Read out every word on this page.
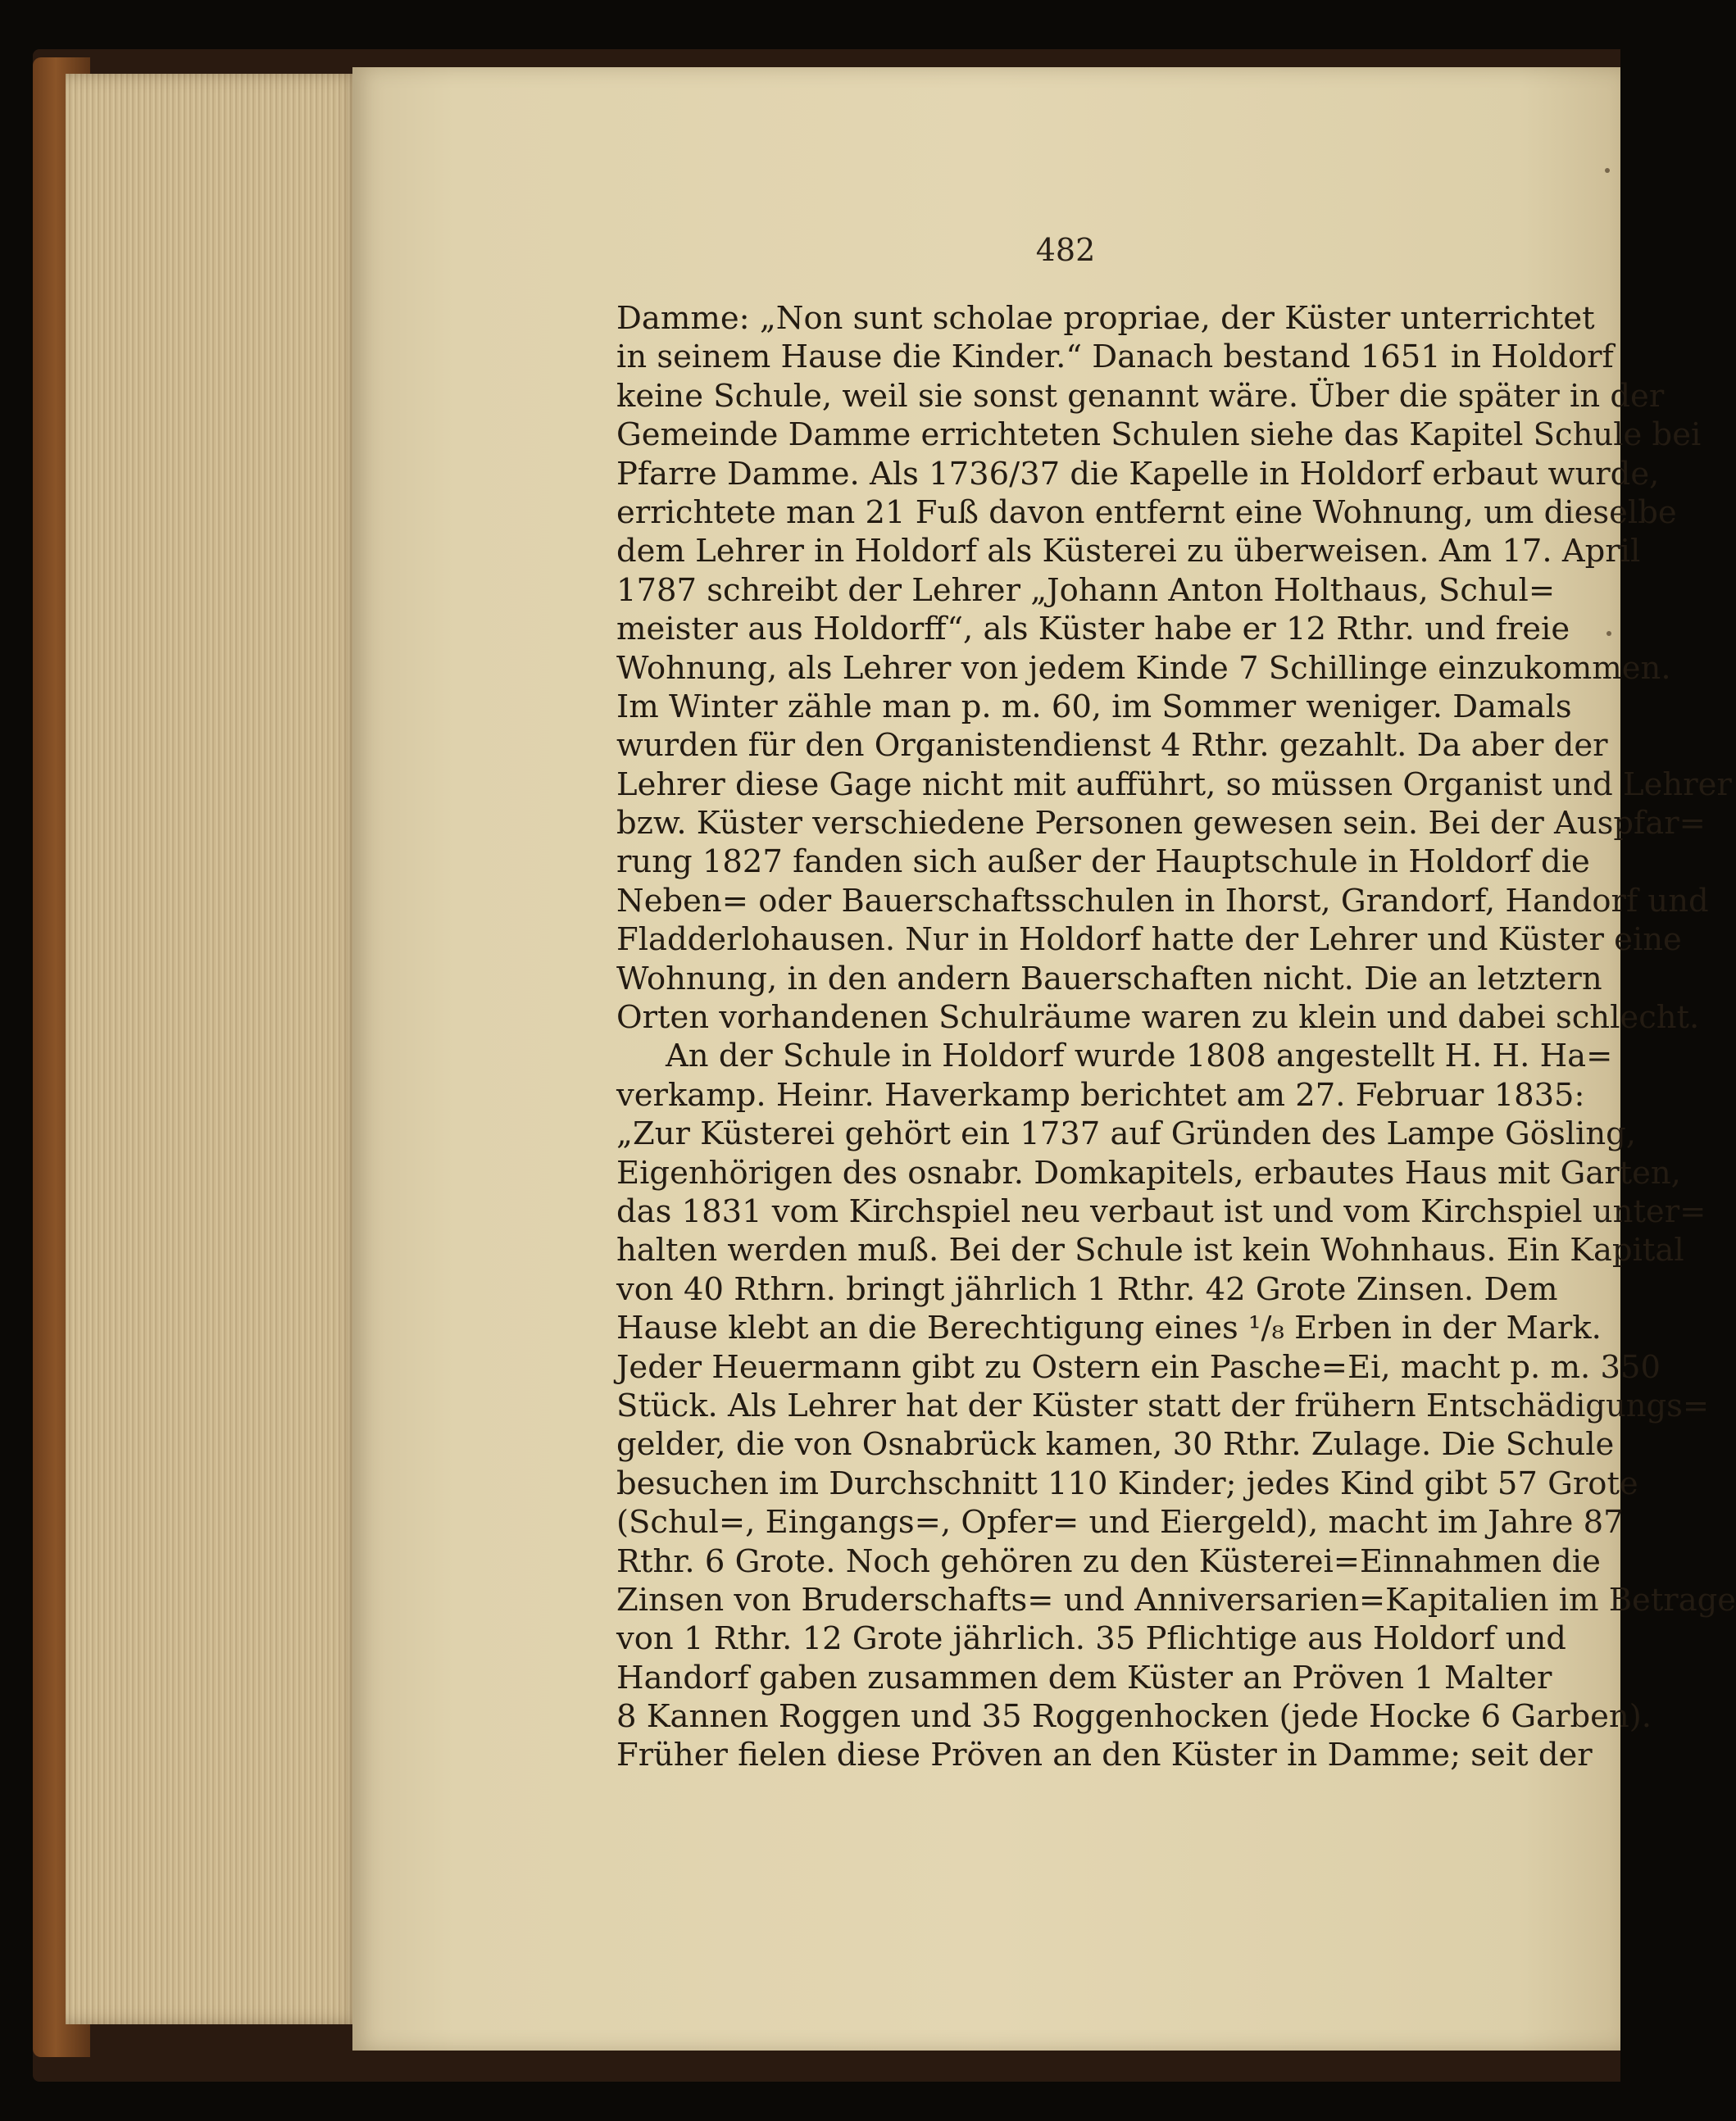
482
Damme: „Non sunt scholae propriae, der Küster unterrichtet
in seinem Hause die Kinder.“ Danach bestand 1651 in Holdorf
keine Schule, weil sie sonst genannt wäre. Über die später in der
Gemeinde Damme errichteten Schulen siehe das Kapitel Schule bei
Pfarre Damme. Als 1736/37 die Kapelle in Holdorf erbaut wurde,
errichtete man 21 Fuß davon entfernt eine Wohnung, um dieselbe
dem Lehrer in Holdorf als Küsterei zu überweisen. Am 17. April
1787 schreibt der Lehrer „Johann Anton Holthaus, Schul=
meister aus Holdorff“, als Küster habe er 12 Rthr. und freie
Wohnung, als Lehrer von jedem Kinde 7 Schillinge einzukommen.
Im Winter zähle man p. m. 60, im Sommer weniger. Damals
wurden für den Organistendienst 4 Rthr. gezahlt. Da aber der
Lehrer diese Gage nicht mit aufführt, so müssen Organist und Lehrer
bzw. Küster verschiedene Personen gewesen sein. Bei der Auspfar=
rung 1827 fanden sich außer der Hauptschule in Holdorf die
Neben= oder Bauerschaftsschulen in Ihorst, Grandorf, Handorf und
Fladderlohausen. Nur in Holdorf hatte der Lehrer und Küster eine
Wohnung, in den andern Bauerschaften nicht. Die an letztern
Orten vorhandenen Schulräume waren zu klein und dabei schlecht.
An der Schule in Holdorf wurde 1808 angestellt H. H. Ha=
verkamp. Heinr. Haverkamp berichtet am 27. Februar 1835:
„Zur Küsterei gehört ein 1737 auf Gründen des Lampe Gösling,
Eigenhörigen des osnabr. Domkapitels, erbautes Haus mit Garten,
das 1831 vom Kirchspiel neu verbaut ist und vom Kirchspiel unter=
halten werden muß. Bei der Schule ist kein Wohnhaus. Ein Kapital
von 40 Rthrn. bringt jährlich 1 Rthr. 42 Grote Zinsen. Dem
Hause klebt an die Berechtigung eines ¹/₈ Erben in der Mark.
Jeder Heuermann gibt zu Ostern ein Pasche=Ei, macht p. m. 350
Stück. Als Lehrer hat der Küster statt der frühern Entschädigungs=
gelder, die von Osnabrück kamen, 30 Rthr. Zulage. Die Schule
besuchen im Durchschnitt 110 Kinder; jedes Kind gibt 57 Grote
(Schul=, Eingangs=, Opfer= und Eiergeld), macht im Jahre 87
Rthr. 6 Grote. Noch gehören zu den Küsterei=Einnahmen die
Zinsen von Bruderschafts= und Anniversarien=Kapitalien im Betrage
von 1 Rthr. 12 Grote jährlich. 35 Pflichtige aus Holdorf und
Handorf gaben zusammen dem Küster an Pröven 1 Malter
8 Kannen Roggen und 35 Roggenhocken (jede Hocke 6 Garben).
Früher fielen diese Pröven an den Küster in Damme; seit der
